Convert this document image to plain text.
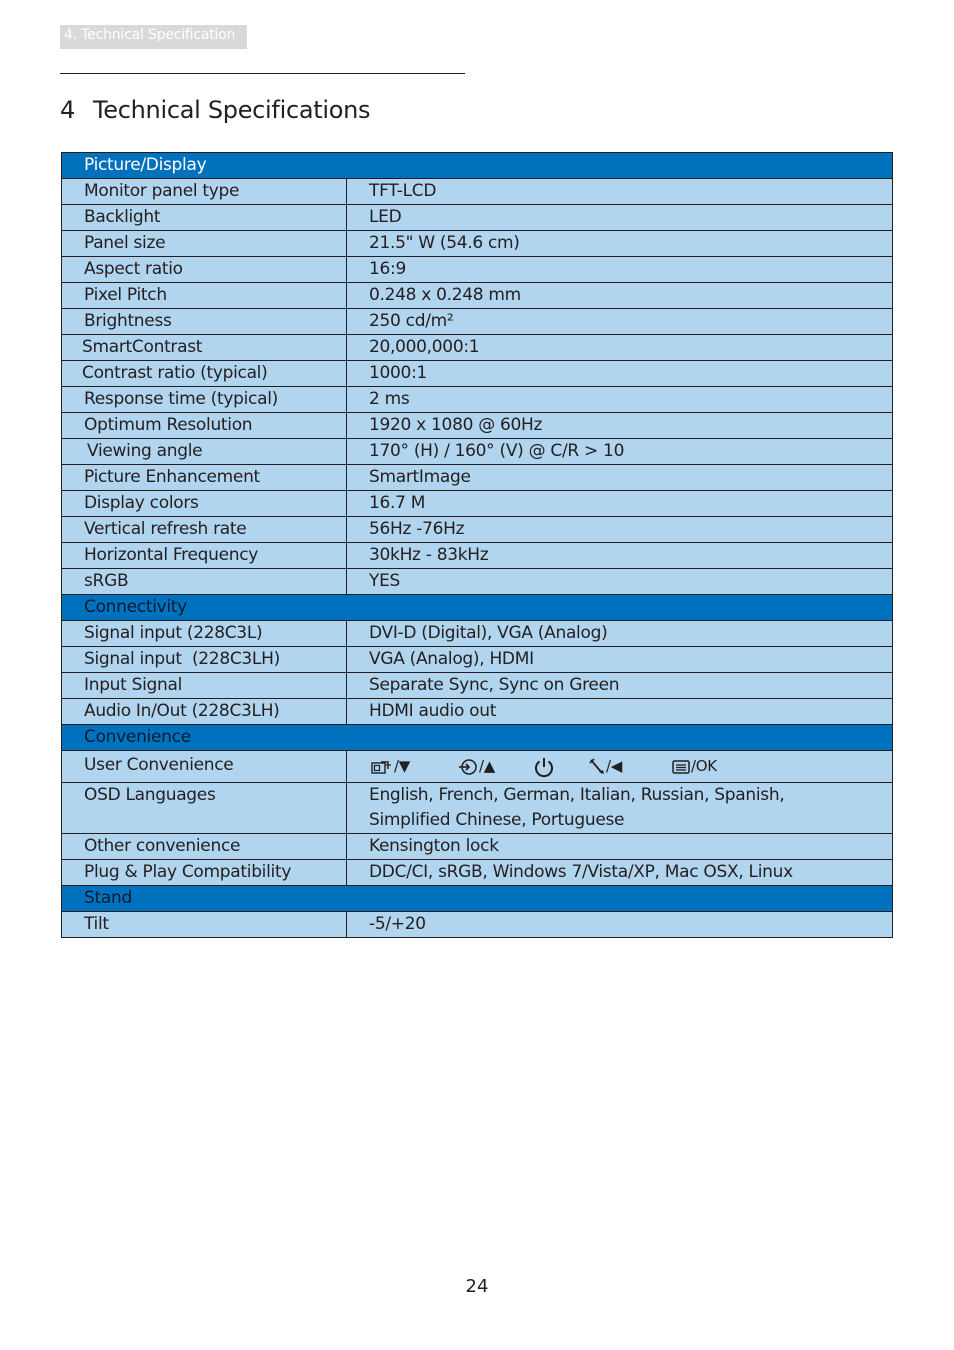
4. Technical Specification
4 Technical Specifications
Picture/Display	
Monitor panel type	TFT-LCD
Backlight	LED
Panel size	21.5" W (54.6 cm)
Aspect ratio	16:9
Pixel Pitch	0.248 x 0.248 mm
Brightness	250 cd/m²
SmartContrast	20,000,000:1
Contrast ratio (typical)	1000:1
Response time (typical)	2 ms
Optimum Resolution	1920 x 1080 @ 60Hz
Viewing angle	170° (H) / 160° (V) @ C/R > 10
Picture Enhancement	SmartImage
Display colors	16.7 M
Vertical refresh rate	56Hz -76Hz
Horizontal Frequency	30kHz - 83kHz
sRGB	YES
Connectivity	
Signal input (228C3L)	DVI-D (Digital), VGA (Analog)
Signal input  (228C3LH)	VGA (Analog), HDMI
Input Signal	Separate Sync, Sync on Green
Audio In/Out (228C3LH)	HDMI audio out
Convenience	
User Convenience	/▼ /▲ /◀ /OK

OSD Languages	English, French, German, Italian, Russian, Spanish,
Simplified Chinese, Portuguese

Other convenience	Kensington lock
Plug & Play Compatibility	DDC/CI, sRGB, Windows 7/Vista/XP, Mac OSX, Linux
Stand	
Tilt	-5/+20
24
